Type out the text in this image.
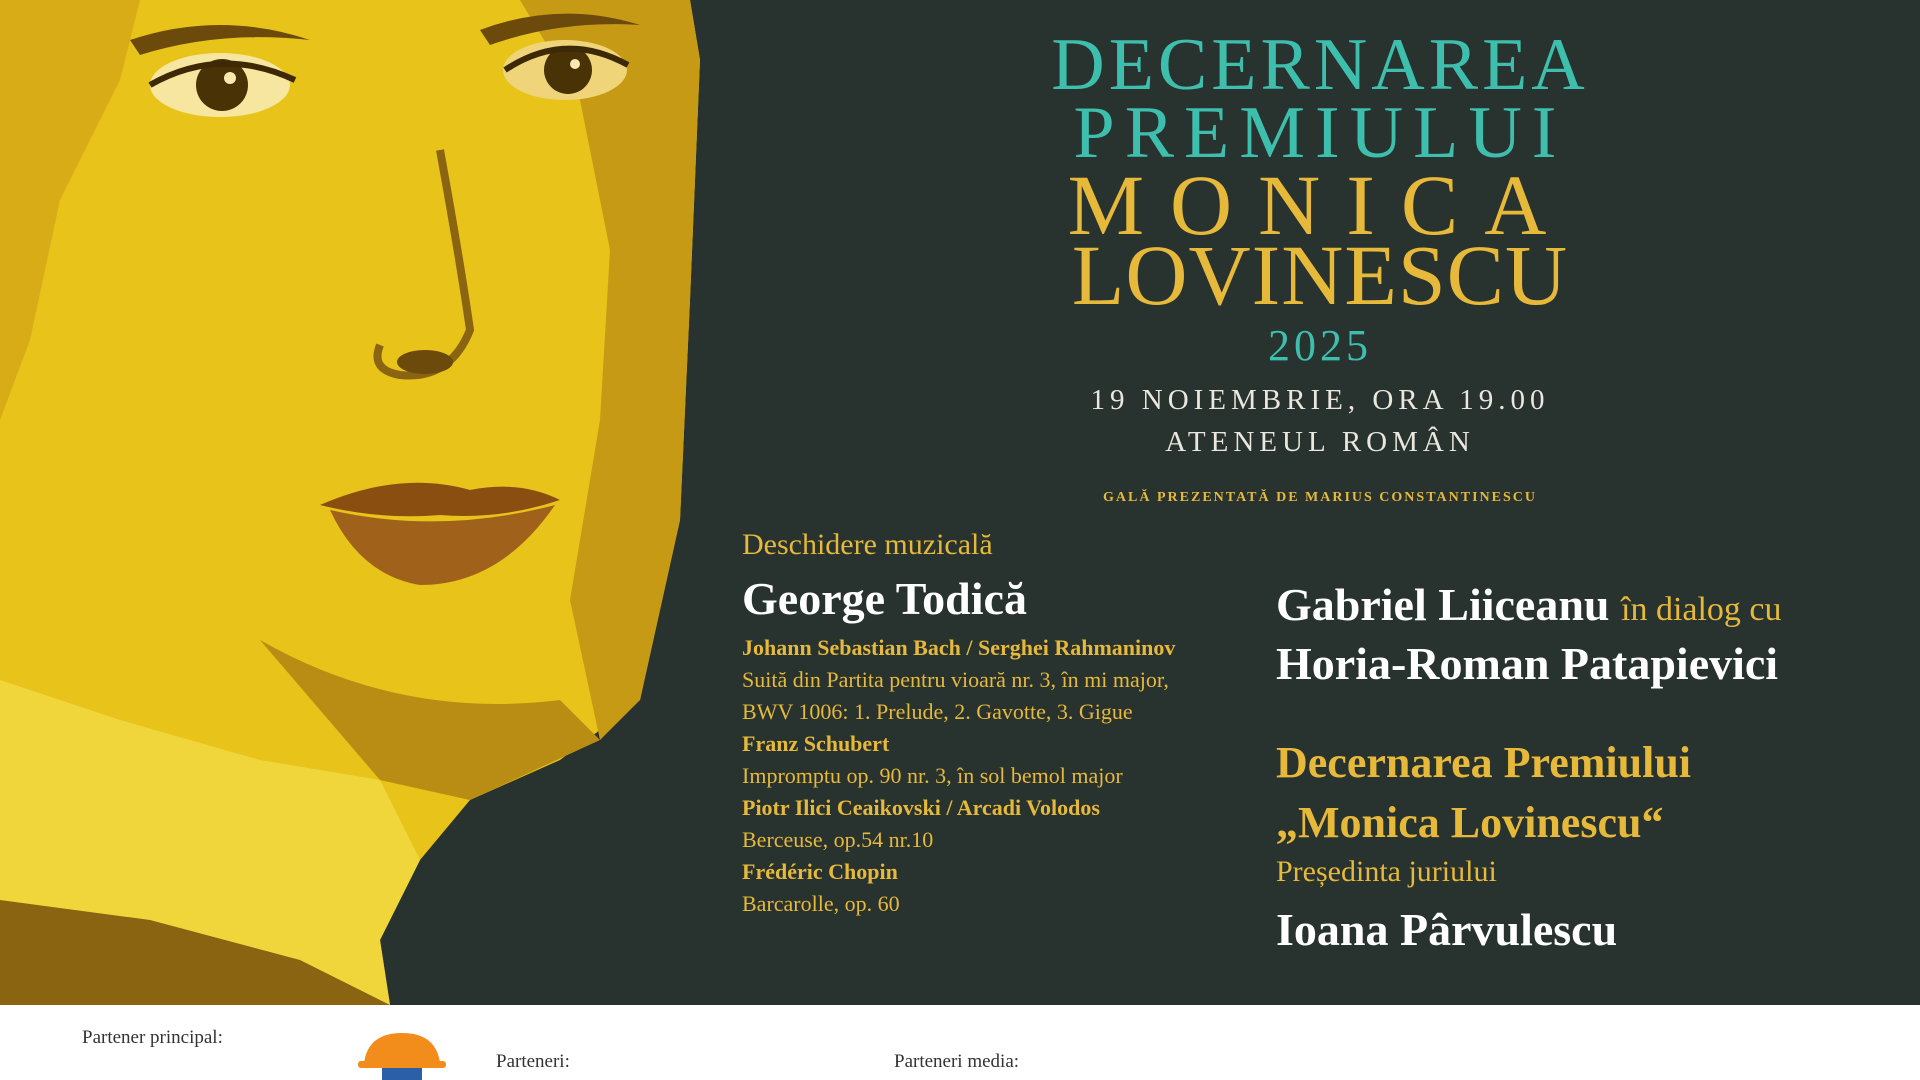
DECERNAREA
PREMIULUI
MONICA
LOVINESCU
2025
19 NOIEMBRIE, ORA 19.00
ATENEUL ROMÂN
GALĂ PREZENTATĂ DE MARIUS CONSTANTINESCU
Deschidere muzicală
George Todică
Johann Sebastian Bach / Serghei Rahmaninov
Suită din Partita pentru vioară nr. 3, în mi major,
BWV 1006: 1. Prelude, 2. Gavotte, 3. Gigue
Franz Schubert
Impromptu op. 90 nr. 3, în sol bemol major
Piotr Ilici Ceaikovski / Arcadi Volodos
Berceuse, op.54 nr.10
Frédéric Chopin
Barcarolle, op. 60
Gabriel Liiceanu în dialog cu
Horia-Roman Patapievici
Decernarea Premiului
„Monica Lovinescu“
Președinta juriului
Ioana Pârvulescu
Partener principal:
Parteneri:	Parteneri media:
